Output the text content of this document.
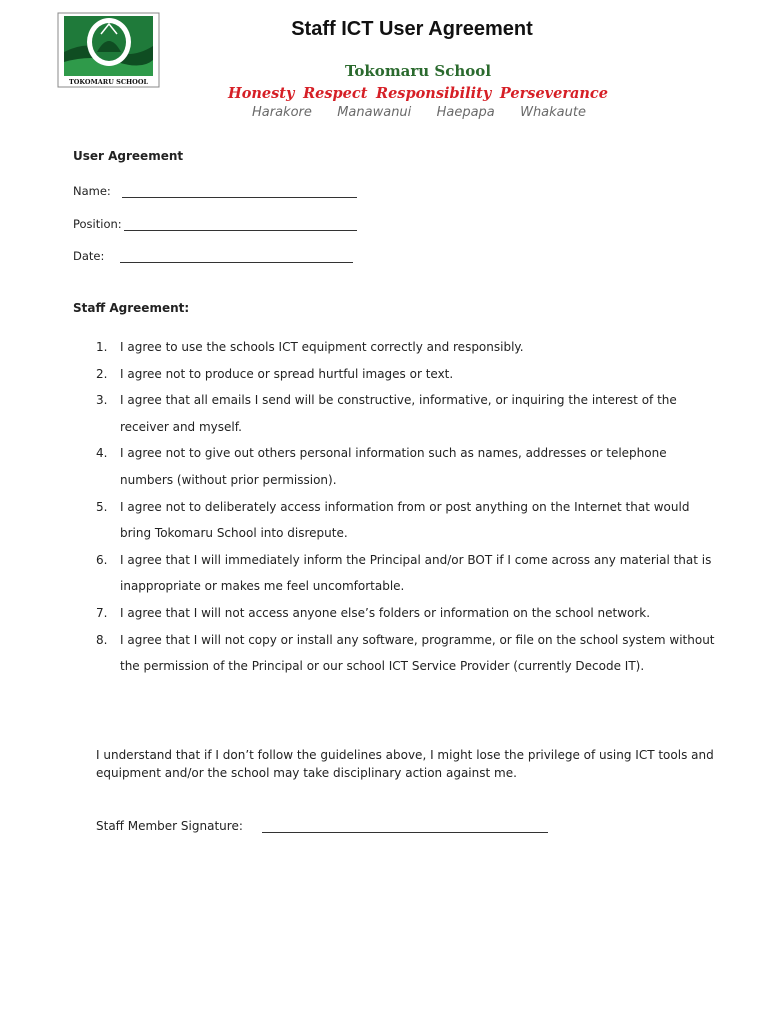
TOKOMARU SCHOOL
Staff ICT User Agreement
Tokomaru School
Honesty Respect Responsibility Perseverance
Harakore Manawanui Haepapa Whakaute
User Agreement
Name:
Position:
Date:
Staff Agreement:
1. I agree to use the schools ICT equipment correctly and responsibly.
2. I agree not to produce or spread hurtful images or text.
3. I agree that all emails I send will be constructive, informative, or inquiring the interest of the receiver and myself.
4. I agree not to give out others personal information such as names, addresses or telephone numbers (without prior permission).
5. I agree not to deliberately access information from or post anything on the Internet that would bring Tokomaru School into disrepute.
6. I agree that I will immediately inform the Principal and/or BOT if I come across any material that is inappropriate or makes me feel uncomfortable.
7. I agree that I will not access anyone else’s folders or information on the school network.
8. I agree that I will not copy or install any software, programme, or file on the school system without the permission of the Principal or our school ICT Service Provider (currently Decode IT).
I understand that if I don’t follow the guidelines above, I might lose the privilege of using ICT tools and equipment and/or the school may take disciplinary action against me.
Staff Member Signature:
